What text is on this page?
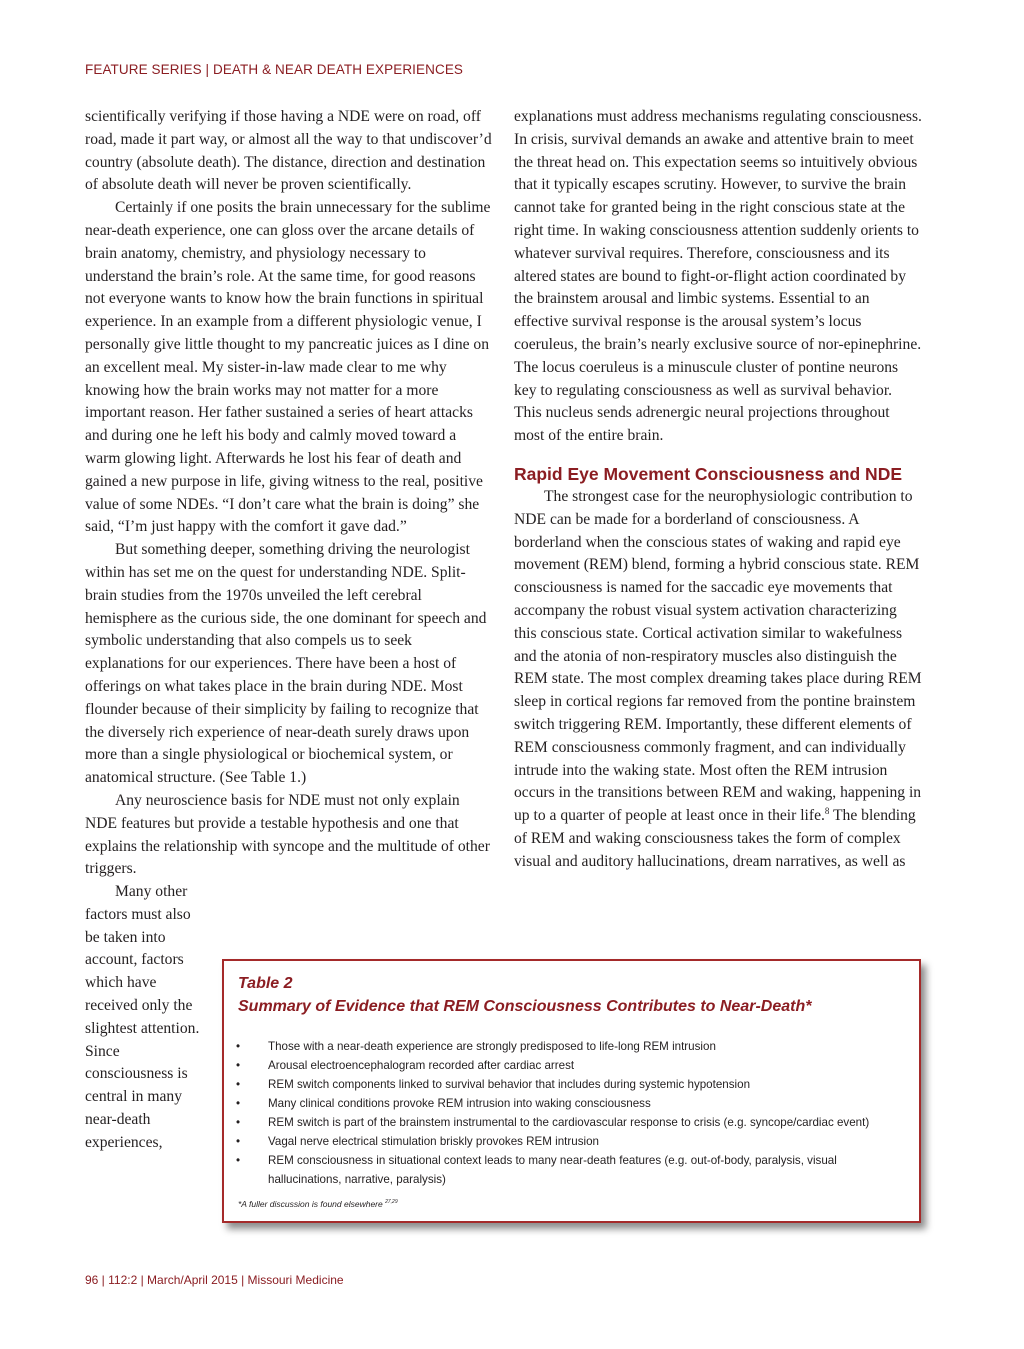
FEATURE SERIES | DEATH & NEAR DEATH EXPERIENCES

scientifically verifying if those having a NDE were on road, off road, made it part way, or almost all the way to that undiscover’d country (absolute death). The distance, direction and destination of absolute death will never be proven scientifically.

Certainly if one posits the brain unnecessary for the sublime near-death experience, one can gloss over the arcane details of brain anatomy, chemistry, and physiology necessary to understand the brain’s role. At the same time, for good reasons not everyone wants to know how the brain functions in spiritual experience. In an example from a different physiologic venue, I personally give little thought to my pancreatic juices as I dine on an excellent meal. My sister-in-law made clear to me why knowing how the brain works may not matter for a more important reason. Her father sustained a series of heart attacks and during one he left his body and calmly moved toward a warm glowing light. Afterwards he lost his fear of death and gained a new purpose in life, giving witness to the real, positive value of some NDEs. “I don’t care what the brain is doing” she said, “I’m just happy with the comfort it gave dad.”

But something deeper, something driving the neurologist within has set me on the quest for understanding NDE. Split-brain studies from the 1970s unveiled the left cerebral hemisphere as the curious side, the one dominant for speech and symbolic understanding that also compels us to seek explanations for our experiences. There have been a host of offerings on what takes place in the brain during NDE. Most flounder because of their simplicity by failing to recognize that the diversely rich experience of near-death surely draws upon more than a single physiological or biochemical system, or anatomical structure. (See Table 1.)

Any neuroscience basis for NDE must not only explain NDE features but provide a testable hypothesis and one that explains the relationship with syncope and the multitude of other triggers.

Many other factors must also be taken into account, factors which have received only the slightest attention. Since consciousness is central in many near-death experiences,

explanations must address mechanisms regulating consciousness. In crisis, survival demands an awake and attentive brain to meet the threat head on. This expectation seems so intuitively obvious that it typically escapes scrutiny. However, to survive the brain cannot take for granted being in the right conscious state at the right time. In waking consciousness attention suddenly orients to whatever survival requires. Therefore, consciousness and its altered states are bound to fight-or-flight action coordinated by the brainstem arousal and limbic systems. Essential to an effective survival response is the arousal system’s locus coeruleus, the brain’s nearly exclusive source of nor-epinephrine. The locus coeruleus is a minuscule cluster of pontine neurons key to regulating consciousness as well as survival behavior. This nucleus sends adrenergic neural projections throughout most of the entire brain.

Rapid Eye Movement Consciousness and NDE

The strongest case for the neurophysiologic contribution to NDE can be made for a borderland of consciousness. A borderland when the conscious states of waking and rapid eye movement (REM) blend, forming a hybrid conscious state. REM consciousness is named for the saccadic eye movements that accompany the robust visual system activation characterizing this conscious state. Cortical activation similar to wakefulness and the atonia of non-respiratory muscles also distinguish the REM state. The most complex dreaming takes place during REM sleep in cortical regions far removed from the pontine brainstem switch triggering REM. Importantly, these different elements of REM consciousness commonly fragment, and can individually intrude into the waking state. Most often the REM intrusion occurs in the transitions between REM and waking, happening in up to a quarter of people at least once in their life.$^8$ The blending of REM and waking consciousness takes the form of complex visual and auditory hallucinations, dream narratives, as well as

Table 2
Summary of Evidence that REM Consciousness Contributes to Near-Death*
• Those with a near-death experience are strongly predisposed to life-long REM intrusion
• Arousal electroencephalogram recorded after cardiac arrest
• REM switch components linked to survival behavior that includes during systemic hypotension
• Many clinical conditions provoke REM intrusion into waking consciousness
• REM switch is part of the brainstem instrumental to the cardiovascular response to crisis (e.g. syncope/cardiac event)
• Vagal nerve electrical stimulation briskly provokes REM intrusion
• REM consciousness in situational context leads to many near-death features (e.g. out-of-body, paralysis, visual hallucinations, narrative, paralysis)
*A fuller discussion is found elsewhere $^{27,29}$
96 | 112:2 | March/April 2015 | Missouri Medicine
